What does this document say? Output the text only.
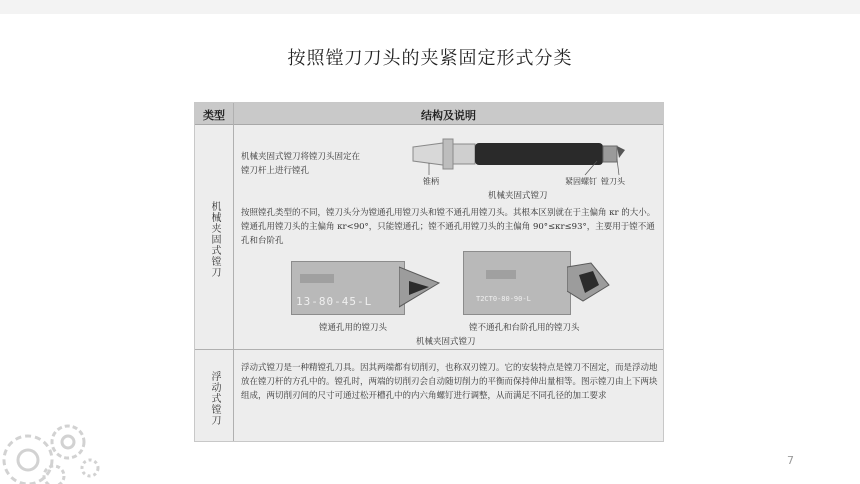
按照镗刀刀头的夹紧固定形式分类
类型	结构及说明
机械夹固式镗刀
机械夹固式镗刀将镗刀头固定在镗刀杆上进行镗孔
锥柄	紧固螺钉 镗刀头
机械夹固式镗刀
按照镗孔类型的不同，镗刀头分为镗通孔用镗刀头和镗不通孔用镗刀头。其根本区别就在于主偏角 κr 的大小。镗通孔用镗刀头的主偏角 κr<90°，只能镗通孔；镗不通孔用镗刀头的主偏角 90°≤κr≤93°，主要用于镗不通孔和台阶孔
13-80-45-L	T2CT0-80-90-L
镗通孔用的镗刀头	镗不通孔和台阶孔用的镗刀头
机械夹固式镗刀
浮动式镗刀
浮动式镗刀是一种精镗孔刀具。因其两端都有切削刃，也称双刃镗刀。它的安装特点是镗刀不固定，而是浮动地放在镗刀杆的方孔中的。镗孔时，两端的切削刃会自动随切削力的平衡而保持伸出量相等。图示镗刀由上下两块组成，两切削刃间的尺寸可通过松开槽孔中的内六角螺钉进行调整，从而满足不同孔径的加工要求
7
